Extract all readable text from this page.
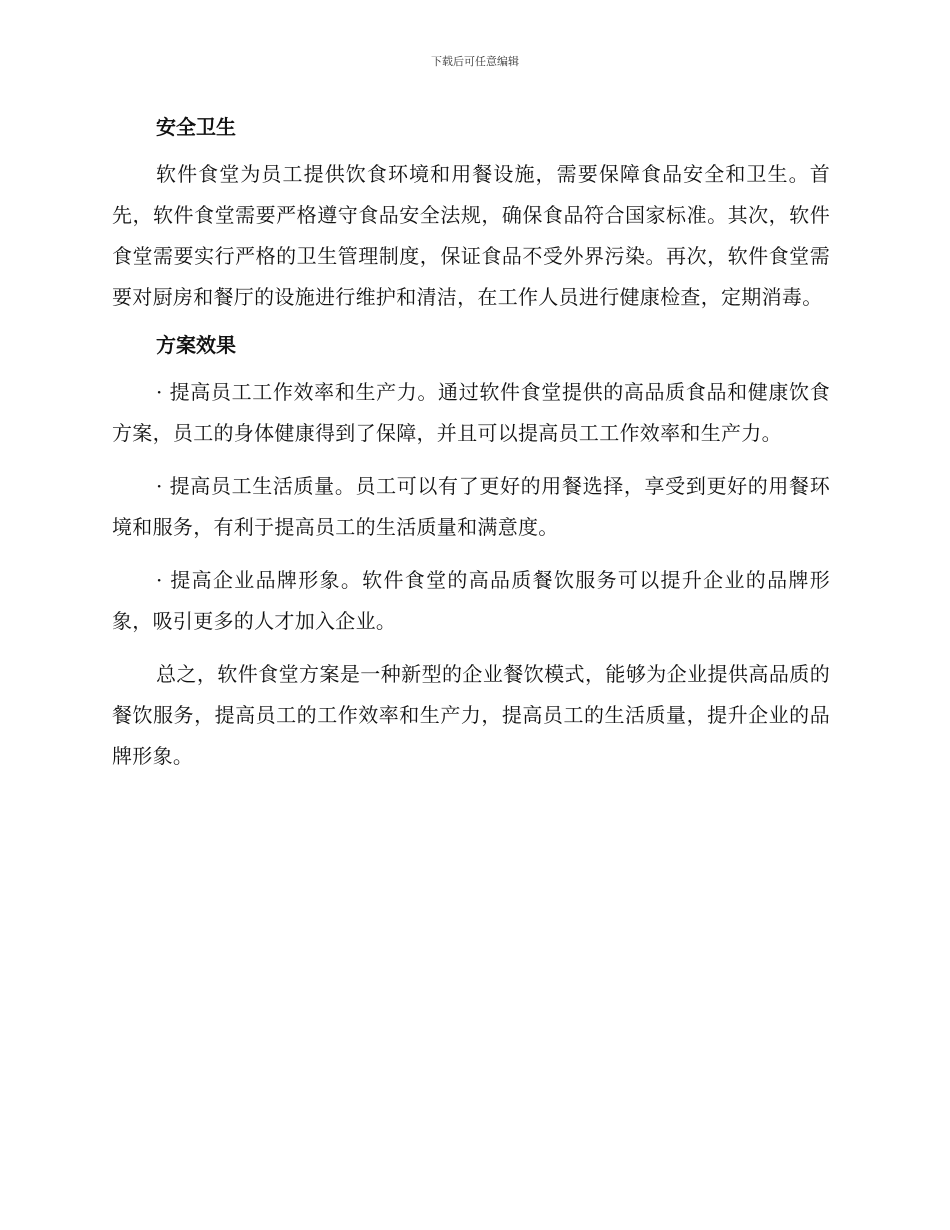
下载后可任意编辑
安全卫生

软件食堂为员工提供饮食环境和用餐设施，需要保障食品安全和卫生。首先，软件食堂需要严格遵守食品安全法规，确保食品符合国家标准。其次，软件食堂需要实行严格的卫生管理制度，保证食品不受外界污染。再次，软件食堂需要对厨房和餐厅的设施进行维护和清洁，在工作人员进行健康检查，定期消毒。

方案效果

· 提高员工工作效率和生产力。通过软件食堂提供的高品质食品和健康饮食方案，员工的身体健康得到了保障，并且可以提高员工工作效率和生产力。

· 提高员工生活质量。员工可以有了更好的用餐选择，享受到更好的用餐环境和服务，有利于提高员工的生活质量和满意度。

· 提高企业品牌形象。软件食堂的高品质餐饮服务可以提升企业的品牌形象，吸引更多的人才加入企业。

总之，软件食堂方案是一种新型的企业餐饮模式，能够为企业提供高品质的餐饮服务，提高员工的工作效率和生产力，提高员工的生活质量，提升企业的品牌形象。
